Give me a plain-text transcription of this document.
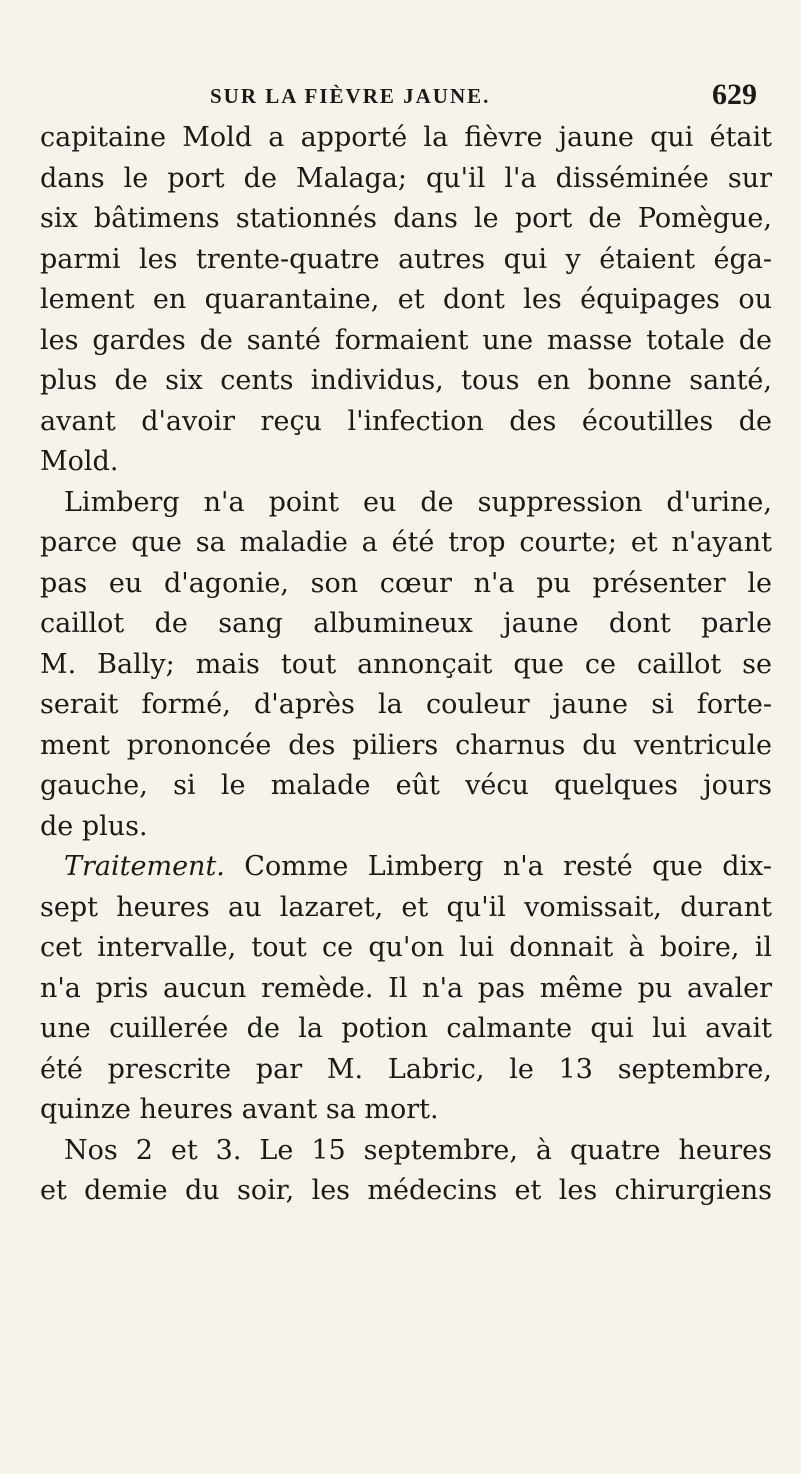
SUR LA FIÈVRE JAUNE.	629
capitaine Mold a apporté la fièvre jaune qui était
dans le port de Malaga; qu'il l'a disséminée sur
six bâtimens stationnés dans le port de Pomègue,
parmi les trente-quatre autres qui y étaient éga-
lement en quarantaine, et dont les équipages ou
les gardes de santé formaient une masse totale de
plus de six cents individus, tous en bonne santé,
avant d'avoir reçu l'infection des écoutilles de
Mold.
Limberg n'a point eu de suppression d'urine,
parce que sa maladie a été trop courte; et n'ayant
pas eu d'agonie, son cœur n'a pu présenter le
caillot de sang albumineux jaune dont parle
M. Bally; mais tout annonçait que ce caillot se
serait formé, d'après la couleur jaune si forte-
ment prononcée des piliers charnus du ventricule
gauche, si le malade eût vécu quelques jours
de plus.
Traitement. Comme Limberg n'a resté que dix-
sept heures au lazaret, et qu'il vomissait, durant
cet intervalle, tout ce qu'on lui donnait à boire, il
n'a pris aucun remède. Il n'a pas même pu avaler
une cuillerée de la potion calmante qui lui avait
été prescrite par M. Labric, le 13 septembre,
quinze heures avant sa mort.
Nos 2 et 3. Le 15 septembre, à quatre heures
et demie du soir, les médecins et les chirurgiens
